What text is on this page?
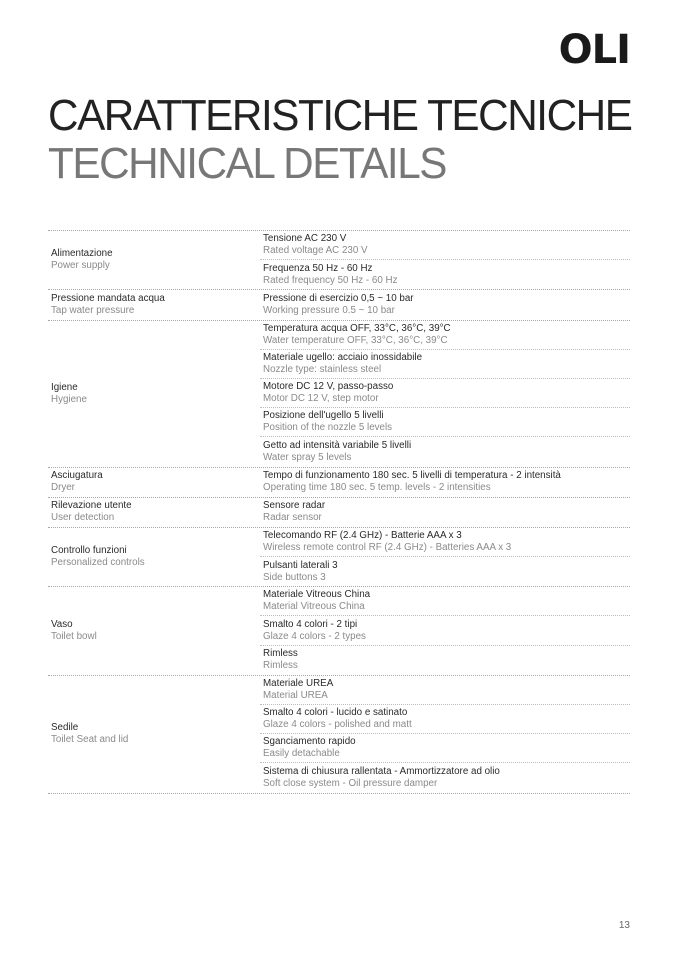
OLI
CARATTERISTICHE TECNICHE
TECHNICAL DETAILS
Alimentazione
Power supply
Tensione AC 230 V
Rated voltage AC 230 V
Frequenza 50 Hz - 60 Hz
Rated frequency 50 Hz - 60 Hz
Pressione mandata acqua
Tap water pressure
Pressione di esercizio 0,5 ~ 10 bar
Working pressure 0.5 ~ 10 bar
Igiene
Hygiene
Temperatura acqua OFF, 33°C, 36°C, 39°C
Water temperature OFF, 33°C, 36°C, 39°C
Materiale ugello: acciaio inossidabile
Nozzle type: stainless steel
Motore DC 12 V, passo-passo
Motor DC 12 V, step motor
Posizione dell'ugello 5 livelli
Position of the nozzle 5 levels
Getto ad intensità variabile 5 livelli
Water spray 5 levels
Asciugatura
Dryer
Tempo di funzionamento 180 sec. 5 livelli di temperatura - 2 intensità
Operating time 180 sec. 5 temp. levels - 2 intensities
Rilevazione utente
User detection
Sensore radar
Radar sensor
Controllo funzioni
Personalized controls
Telecomando RF (2.4 GHz) - Batterie AAA x 3
Wireless remote control RF (2.4 GHz) - Batteries AAA x 3
Pulsanti laterali 3
Side buttons 3
Vaso
Toilet bowl
Materiale Vitreous China
Material Vitreous China
Smalto 4 colori - 2 tipi
Glaze 4 colors - 2 types
Rimless
Rimless
Sedile
Toilet Seat and lid
Materiale UREA
Material UREA
Smalto 4 colori - lucido e satinato
Glaze 4 colors - polished and matt
Sganciamento rapido
Easily detachable
Sistema di chiusura rallentata - Ammortizzatore ad olio
Soft close system - Oil pressure damper
13
